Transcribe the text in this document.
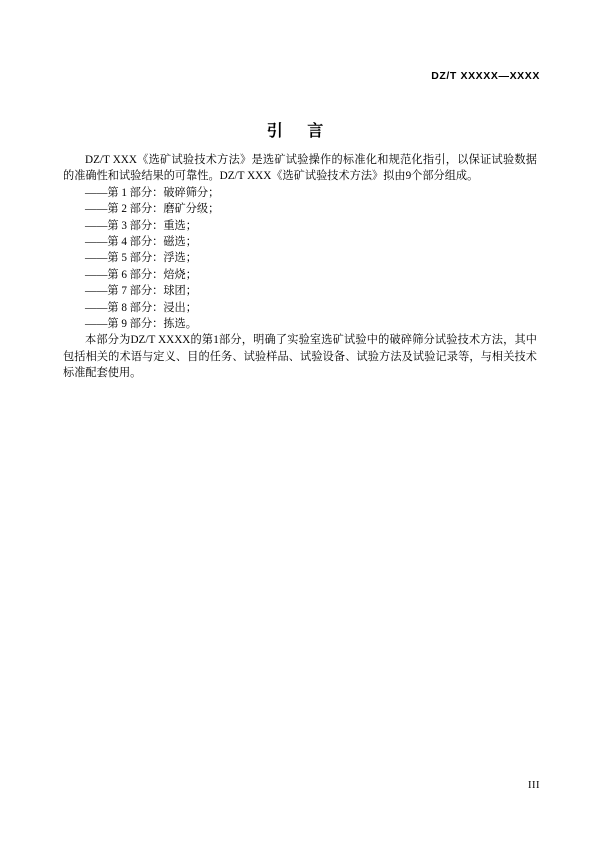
DZ/T XXXXX—XXXX
引 言

DZ/T XXX《选矿试验技术方法》是选矿试验操作的标准化和规范化指引，以保证试验数据的准确性和试验结果的可靠性。DZ/T XXX《选矿试验技术方法》拟由9个部分组成。

——第 1 部分：破碎筛分；
——第 2 部分：磨矿分级；
——第 3 部分：重选；
——第 4 部分：磁选；
——第 5 部分：浮选；
——第 6 部分：焙烧；
——第 7 部分：球团；
——第 8 部分：浸出；
——第 9 部分：拣选。

本部分为DZ/T XXXX的第1部分，明确了实验室选矿试验中的破碎筛分试验技术方法，其中包括相关的术语与定义、目的任务、试验样品、试验设备、试验方法及试验记录等，与相关技术标准配套使用。

III
